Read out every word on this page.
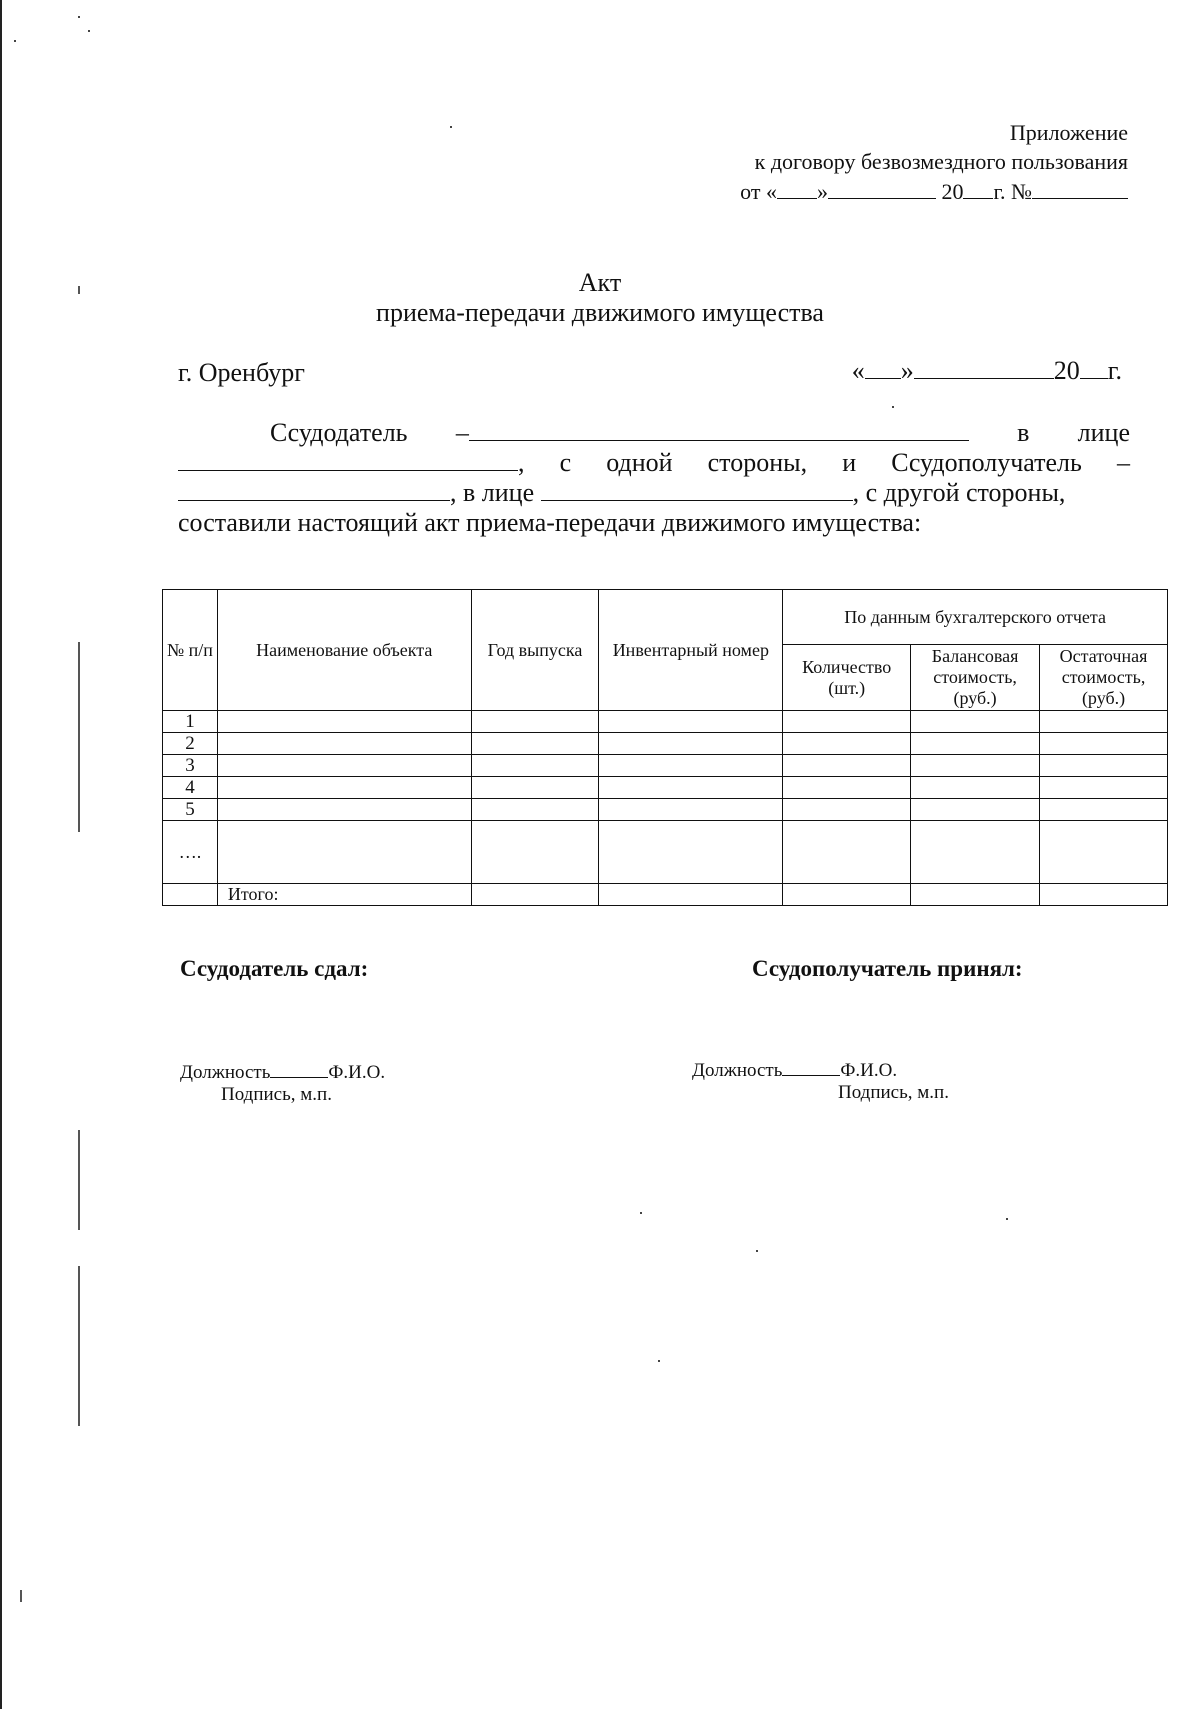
Приложение
к договору безвозмездного пользования
от « »	20 г. №
Акт
приема-передачи движимого имущества
г. Оренбург	« »	20 г.
Ссудодатель –	в лице
, с одной стороны, и Ссудополучатель –
, в лице	, с другой стороны,
составили настоящий акт приема-передачи движимого имущества:
№ п/п	Наименование объекта	Год выпуска	Инвентарный номер	По данным бухгалтерского отчета		
				Количество (шт.)	Балансовая стоимость, (руб.)	Остаточная стоимость, (руб.)
1						
2						
3						
4						
5						
….						
	Итого:					
Ссудодатель сдал:	Ссудополучатель принял:
Должность	Ф.И.О.
Подпись, м.п.
Должность	Ф.И.О.
Подпись, м.п.
